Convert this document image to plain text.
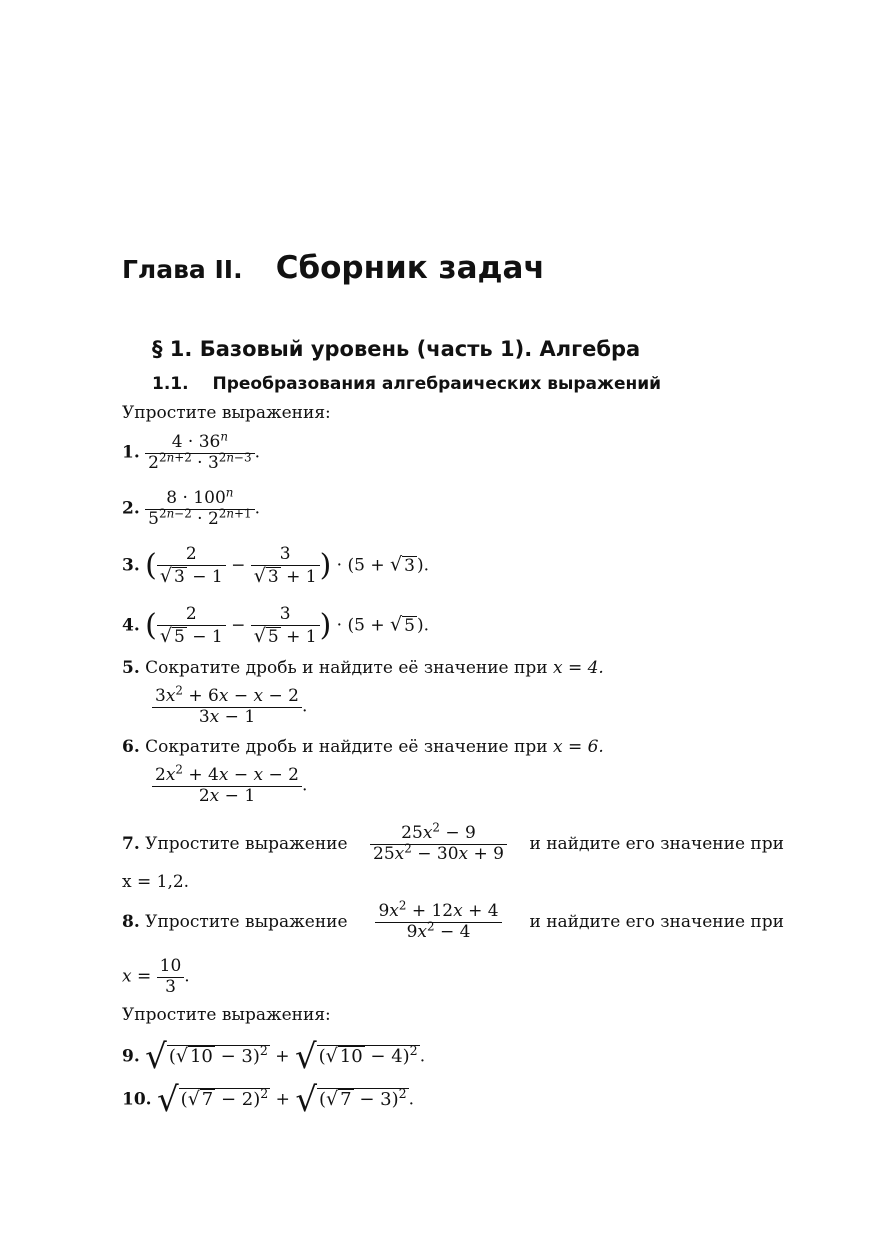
Глава II. Сборник задач
§ 1. Базовый уровень (часть 1). Алгебра
1.1. Преобразования алгебраических выражений
Упростите выражения:
1. $\frac{4 \cdot 36^n}{2^{2n+2} \cdot 3^{2n-3}}$ .
2. $\frac{8 \cdot 100^n}{5^{2n-2} \cdot 2^{2n+1}}$ .
3. ( $\frac{2}{√ 3 - 1} - \frac{3}{√ 3 + 1}$ ) · (5 + √ 3 ).
4. ( $\frac{2}{√ 5 - 1} - \frac{3}{√ 5 + 1}$ ) · (5 + √ 5 ).
5. Сократите дробь и найдите её значение при x = 4.
$\frac{3x^2 + 6x - x - 2}{3x - 1}$ .
6. Сократите дробь и найдите её значение при x = 6.
$\frac{2x^2 + 4x - x - 2}{2x - 1}$ .
7. Упростите выражение $\frac{25x^2 - 9}{25x^2 - 30x + 9}$ и найдите его значение при
x = 1,2.
8. Упростите выражение $\frac{9x^2 + 12x + 4}{9x^2 - 4}$ и найдите его значение при
$x = \frac{10}{3}$ .
Упростите выражения:
9. √ (√ 10 − 3)$^2$ + √ (√ 10 − 4)$^2$ .
10. √ (√ 7 − 2)$^2$ + √ (√ 7 − 3)$^2$ .
